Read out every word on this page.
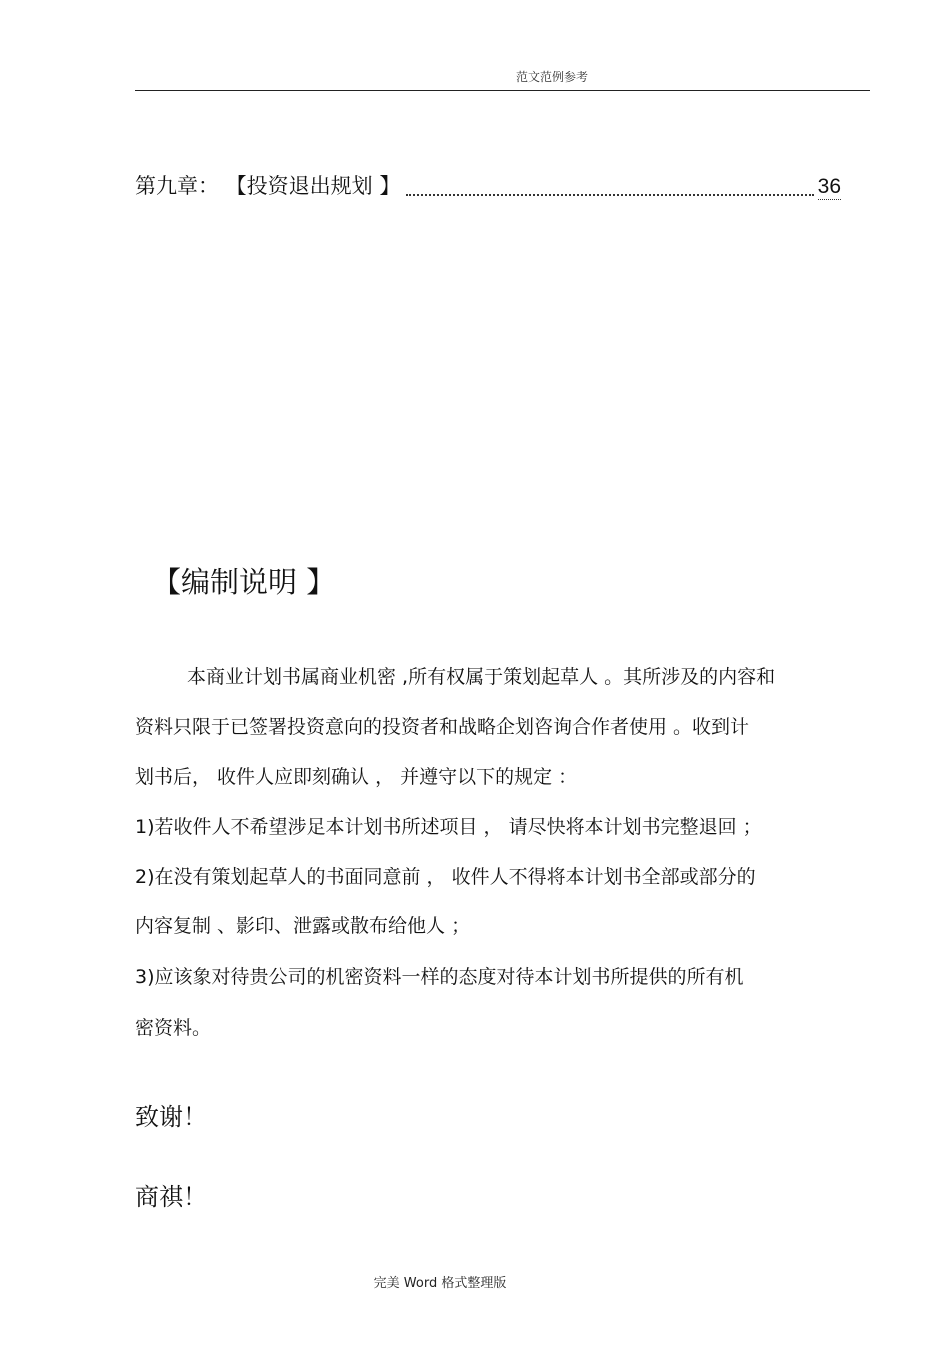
范文范例参考
第九章： 【投资退出规划 】	36
【编制说明 】
本商业计划书属商业机密 ,所有权属于策划起草人 。其所涉及的内容和
资料只限于已签署投资意向的投资者和战略企划咨询合作者使用 。收到计
划书后， 收件人应即刻确认 ， 并遵守以下的规定 ：
1)若收件人不希望涉足本计划书所述项目 ， 请尽快将本计划书完整退回 ；
2)在没有策划起草人的书面同意前 ， 收件人不得将本计划书全部或部分的
内容复制 、影印、泄露或散布给他人 ；
3)应该象对待贵公司的机密资料一样的态度对待本计划书所提供的所有机
密资料。
致谢！
商祺！
完美 Word 格式整理版
